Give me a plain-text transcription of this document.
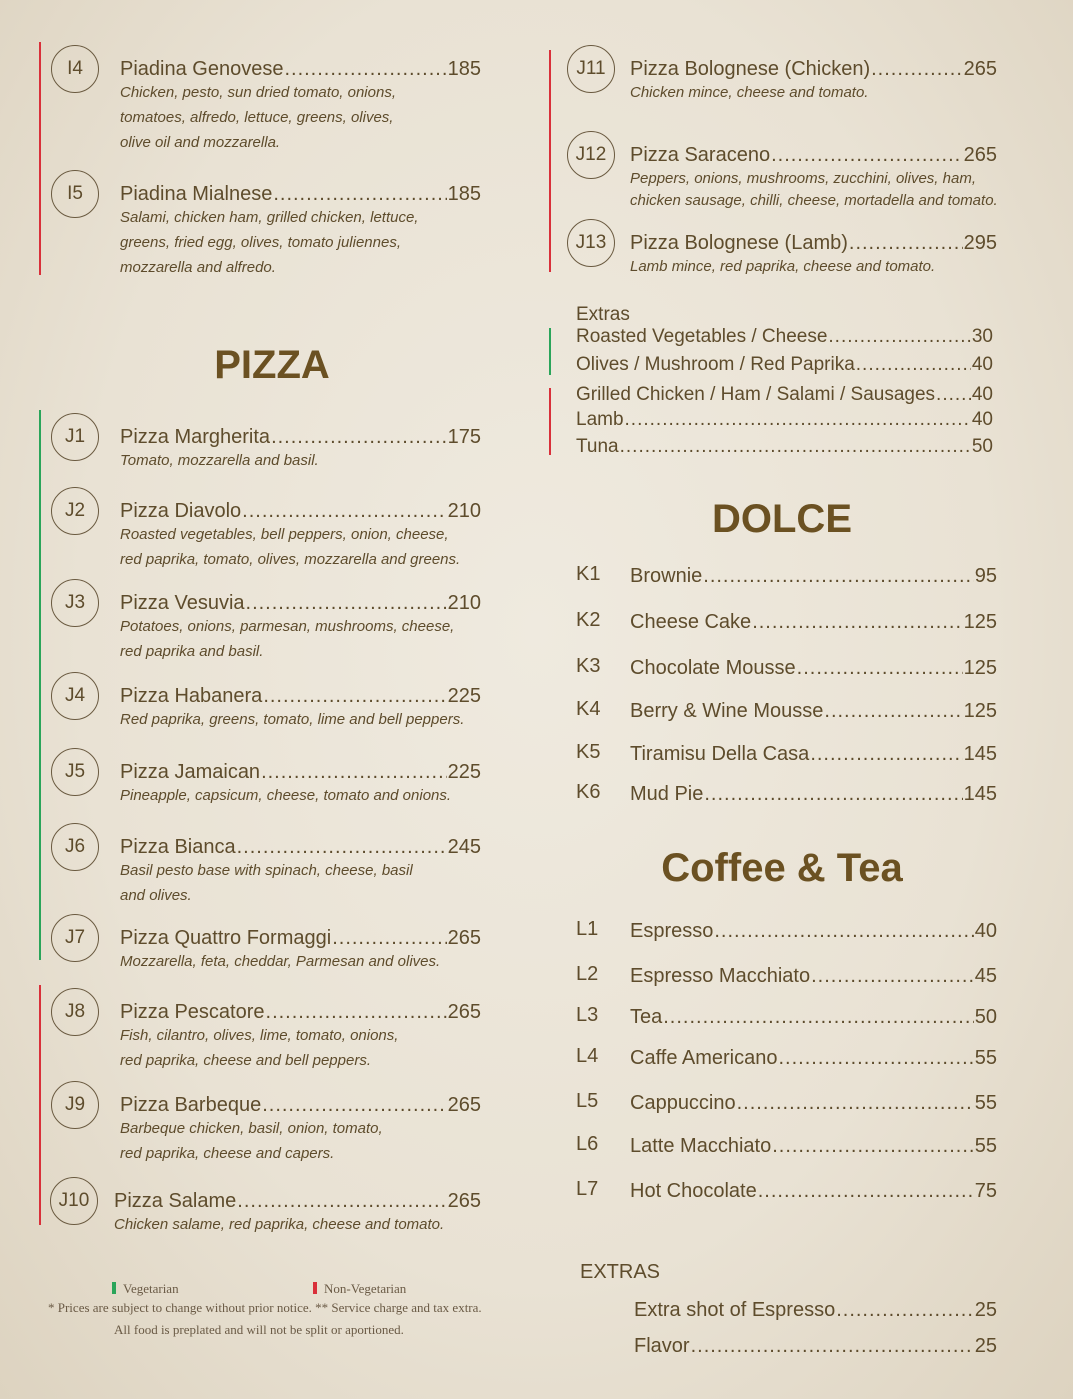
I4	Piadina Genovese .....	185
Chicken, pesto, sun dried tomato, onions,
tomatoes, alfredo, lettuce, greens, olives,
olive oil and mozzarella.
I5	Piadina Mialnese .....	185
Salami, chicken ham, grilled chicken, lettuce,
greens, fried egg, olives, tomato juliennes,
mozzarella and alfredo.
J1	Pizza Margherita .....	175
Tomato, mozzarella and basil.
J2	Pizza Diavolo .....	210
Roasted vegetables, bell peppers, onion, cheese,
red paprika, tomato, olives, mozzarella and greens.
J3	Pizza Vesuvia .....	210
Potatoes, onions, parmesan, mushrooms, cheese,
red paprika and basil.
J4	Pizza Habanera .....	225
Red paprika, greens, tomato, lime and bell peppers.
J5	Pizza Jamaican .....	225
Pineapple, capsicum, cheese, tomato and onions.
J6	Pizza Bianca .....	245
Basil pesto base with spinach, cheese, basil
and olives.
J7	Pizza Quattro Formaggi .....	265
Mozzarella, feta, cheddar, Parmesan and olives.
J8	Pizza Pescatore .....	265
Fish, cilantro, olives, lime, tomato, onions,
red paprika, cheese and bell peppers.
J9	Pizza Barbeque .....	265
Barbeque chicken, basil, onion, tomato,
red paprika, cheese and capers.
J10	Pizza Salame .....	265
Chicken salame, red paprika, cheese and tomato.
J11	Pizza Bolognese (Chicken) .....	265
Chicken mince, cheese and tomato.
J12	Pizza Saraceno .....	265
Peppers, onions, mushrooms, zucchini, olives, ham,
chicken sausage, chilli, cheese, mortadella and tomato.
J13	Pizza Bolognese (Lamb) .....	295
Lamb mince, red paprika, cheese and tomato.
Roasted Vegetables / Cheese .....	30
Olives / Mushroom / Red Paprika .....	40
Grilled Chicken / Ham / Salami / Sausages ..... 40
Lamb .....	40
Tuna .....	50
K1 Brownie .....	95
K2 Cheese Cake .....	125
K3 Chocolate Mousse .....	125
K4 Berry & Wine Mousse .....	125
K5 Tiramisu Della Casa .....	145
K6 Mud Pie .....	145
L1 Espresso .....	40
L2 Espresso Macchiato .....	45
L3 Tea .....	50
L4 Caffe Americano .....	55
L5 Cappuccino .....	55
L6 Latte Macchiato .....	55
L7 Hot Chocolate .....	75
Extra shot of Espresso .....	25
Flavor .....	25
PIZZA
DOLCE
Coffee & Tea
Extras
EXTRAS
Vegetarian	Non-Vegetarian
* Prices are subject to change without prior notice. ** Service charge and tax extra.
All food is preplated and will not be split or aportioned.
